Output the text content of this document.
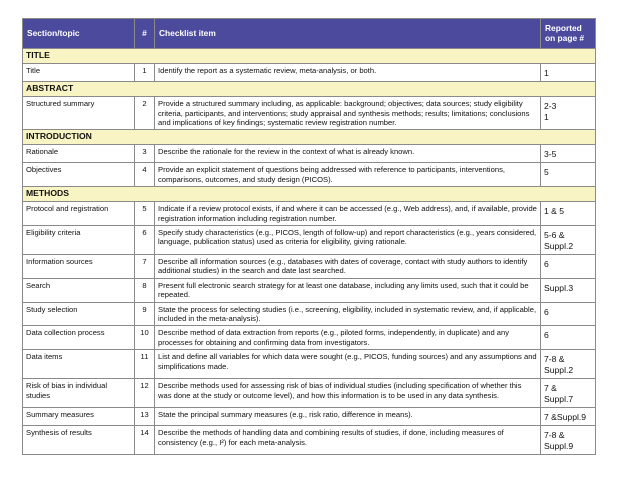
Section/topic	#	Checklist item	Reported on page #
TITLE			
Title	1	Identify the report as a systematic review, meta-analysis, or both.	1
ABSTRACT			
Structured summary	2	Provide a structured summary including, as applicable: background; objectives; data sources; study eligibility criteria, participants, and interventions; study appraisal and synthesis methods; results; limitations; conclusions and implications of key findings; systematic review registration number.	2-3
1
INTRODUCTION			
Rationale	3	Describe the rationale for the review in the context of what is already known.	3-5
Objectives	4	Provide an explicit statement of questions being addressed with reference to participants, interventions, comparisons, outcomes, and study design (PICOS).	5
METHODS			
Protocol and registration	5	Indicate if a review protocol exists, if and where it can be accessed (e.g., Web address), and, if available, provide registration information including registration number.	1 & 5
Eligibility criteria	6	Specify study characteristics (e.g., PICOS, length of follow-up) and report characteristics (e.g., years considered, language, publication status) used as criteria for eligibility, giving rationale.	5-6 &
Suppl.2
Information sources	7	Describe all information sources (e.g., databases with dates of coverage, contact with study authors to identify additional studies) in the search and date last searched.	6
Search	8	Present full electronic search strategy for at least one database, including any limits used, such that it could be repeated.	Suppl.3
Study selection	9	State the process for selecting studies (i.e., screening, eligibility, included in systematic review, and, if applicable, included in the meta-analysis).	6
Data collection process	10	Describe method of data extraction from reports (e.g., piloted forms, independently, in duplicate) and any processes for obtaining and confirming data from investigators.	6
Data items	11	List and define all variables for which data were sought (e.g., PICOS, funding sources) and any assumptions and simplifications made.	7-8 &
Suppl.2
Risk of bias in individual studies	12	Describe methods used for assessing risk of bias of individual studies (including specification of whether this was done at the study or outcome level), and how this information is to be used in any data synthesis.	7 &
Suppl.7
Summary measures	13	State the principal summary measures (e.g., risk ratio, difference in means).	7 &Suppl.9
Synthesis of results	14	Describe the methods of handling data and combining results of studies, if done, including measures of consistency (e.g., I²) for each meta-analysis.	7-8 &
Suppl.9
